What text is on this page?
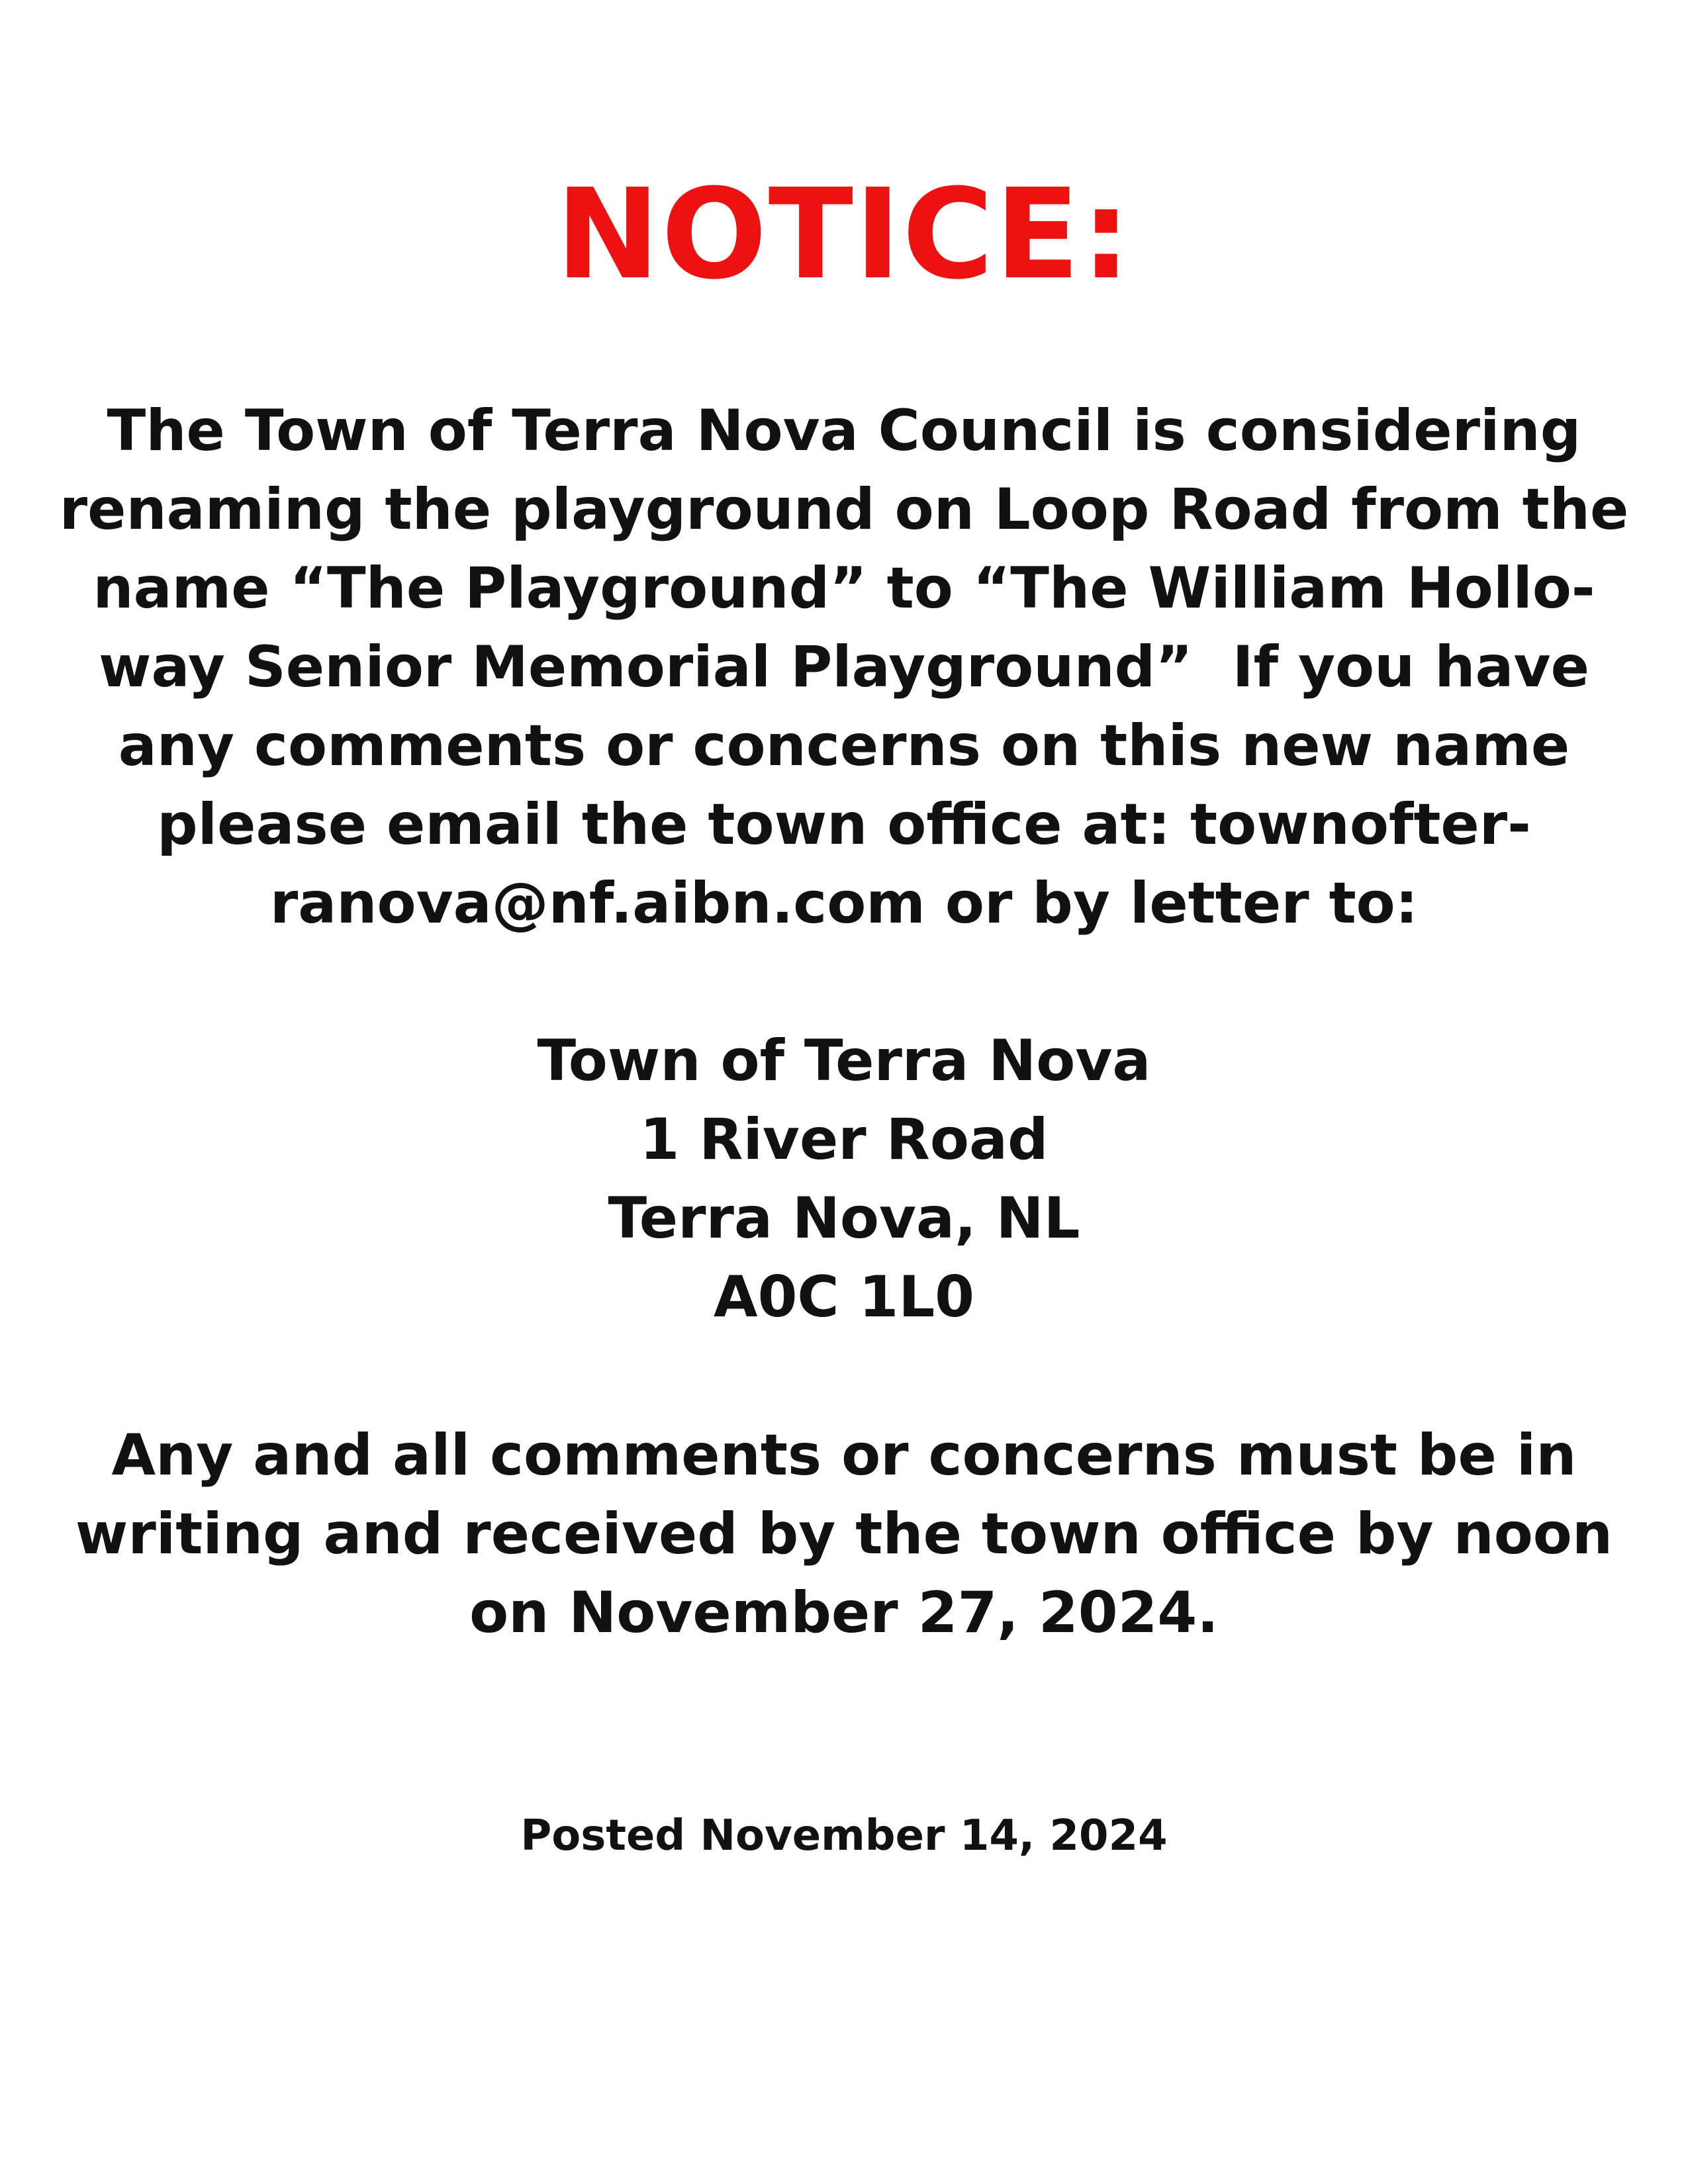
NOTICE:

The Town of Terra Nova Council is considering
renaming the playground on Loop Road from the
name “The Playground” to “The William Hollo-
way Senior Memorial Playground”  If you have
any comments or concerns on this new name
please email the town office at: townofter-
ranova@nf.aibn.com or by letter to:

Town of Terra Nova
1 River Road
Terra Nova, NL
A0C 1L0

Any and all comments or concerns must be in
writing and received by the town office by noon
on November 27, 2024.

Posted November 14, 2024
